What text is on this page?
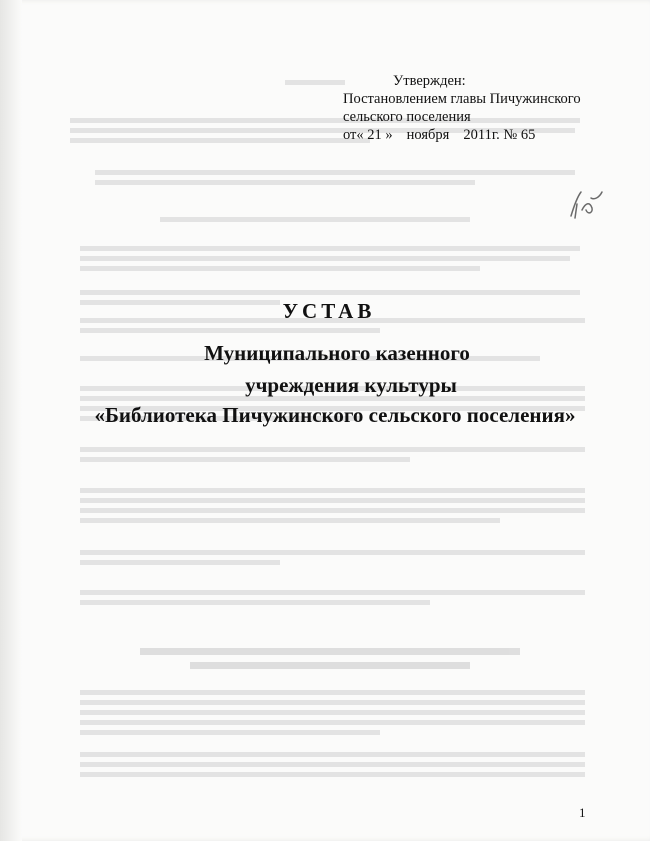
Утвержден:
Постановлением главы Пичужинского
сельского поселения
от« 21 » ноября 2011г. № 65
УСТАВ
Муниципального казенного
учреждения культуры
«Библиотека Пичужинского сельского поселения»
1
